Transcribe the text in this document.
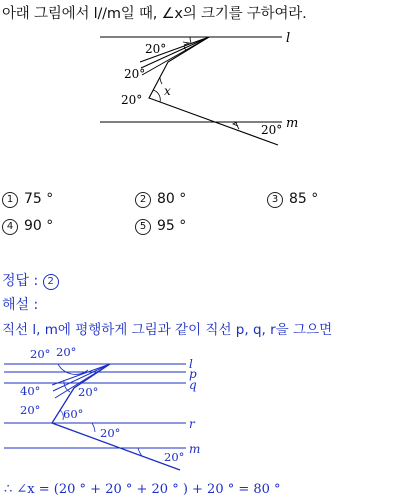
아래 그림에서 l//m일 때, ∠x의 크기를 구하여라.
l
m
20°
20°
20°
20°
x
1 75 °	2 80 °	3 85 °
4 90 °	5 95 °
정답 : 2
해설 :
직선 l, m에 평행하게 그림과 같이 직선 p, q, r을 그으면
l
p
q
r
m
20° 20°
40°	20°
20° 60°
20°
20°
∴ ∠x = (20 ° + 20 ° + 20 ° ) + 20 ° = 80 °
